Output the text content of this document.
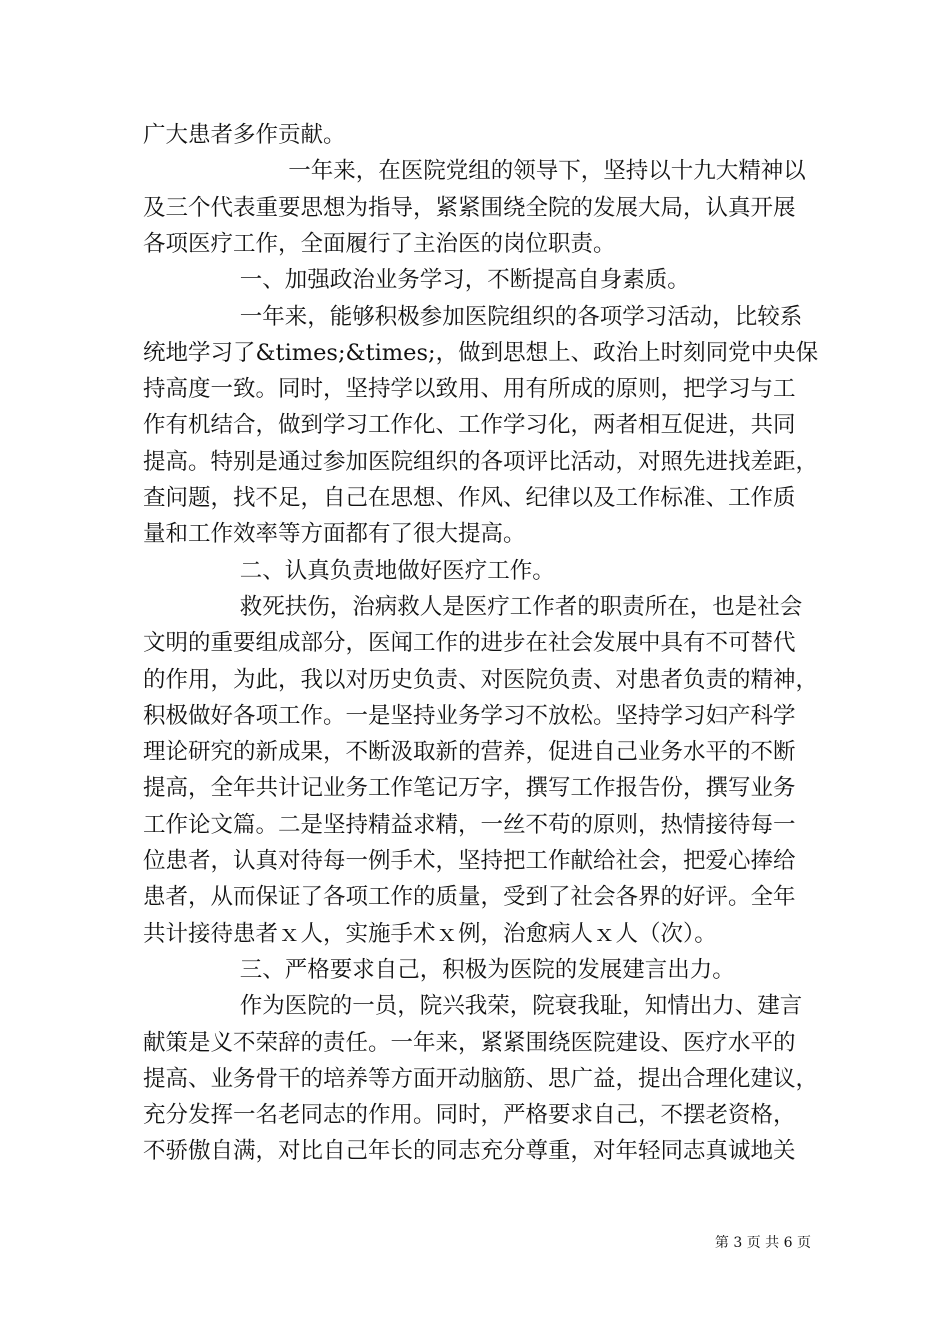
广大患者多作贡献。
一年来，在医院党组的领导下，坚持以十九大精神以
及三个代表重要思想为指导，紧紧围绕全院的发展大局，认真开展
各项医疗工作，全面履行了主治医的岗位职责。
一、加强政治业务学习，不断提高自身素质。
一年来，能够积极参加医院组织的各项学习活动，比较系
统地学习了&times;&times;，做到思想上、政治上时刻同党中央保
持高度一致。同时，坚持学以致用、用有所成的原则，把学习与工
作有机结合，做到学习工作化、工作学习化，两者相互促进，共同
提高。特别是通过参加医院组织的各项评比活动，对照先进找差距，
查问题，找不足，自己在思想、作风、纪律以及工作标准、工作质
量和工作效率等方面都有了很大提高。
二、认真负责地做好医疗工作。
救死扶伤，治病救人是医疗工作者的职责所在，也是社会
文明的重要组成部分，医闻工作的进步在社会发展中具有不可替代
的作用，为此，我以对历史负责、对医院负责、对患者负责的精神，
积极做好各项工作。一是坚持业务学习不放松。坚持学习妇产科学
理论研究的新成果，不断汲取新的营养，促进自己业务水平的不断
提高，全年共计记业务工作笔记万字，撰写工作报告份，撰写业务
工作论文篇。二是坚持精益求精，一丝不苟的原则，热情接待每一
位患者，认真对待每一例手术，坚持把工作献给社会，把爱心捧给
患者，从而保证了各项工作的质量，受到了社会各界的好评。全年
共计接待患者ｘ人，实施手术ｘ例，治愈病人ｘ人（次）。
三、严格要求自己，积极为医院的发展建言出力。
作为医院的一员，院兴我荣，院衰我耻，知情出力、建言
献策是义不荣辞的责任。一年来，紧紧围绕医院建设、医疗水平的
提高、业务骨干的培养等方面开动脑筋、思广益，提出合理化建议，
充分发挥一名老同志的作用。同时，严格要求自己，不摆老资格，
不骄傲自满，对比自己年长的同志充分尊重，对年轻同志真诚地关
第 3 页 共 6 页
